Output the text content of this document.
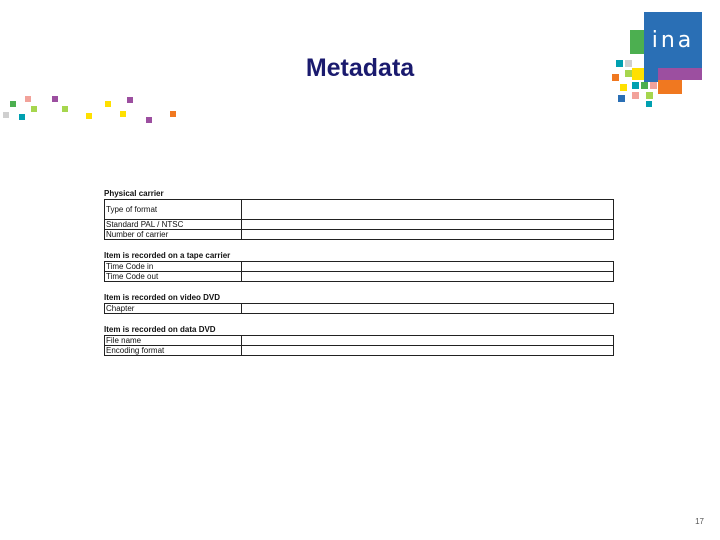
Metadata
ina
Physical carrier
Type of format	
Standard PAL / NTSC	
Number of carrier	
Item is recorded on a tape carrier
Time Code in	
Time Code out	
Item is recorded on video DVD
Chapter	
Item is recorded on data DVD
File name	
Encoding format	
17
